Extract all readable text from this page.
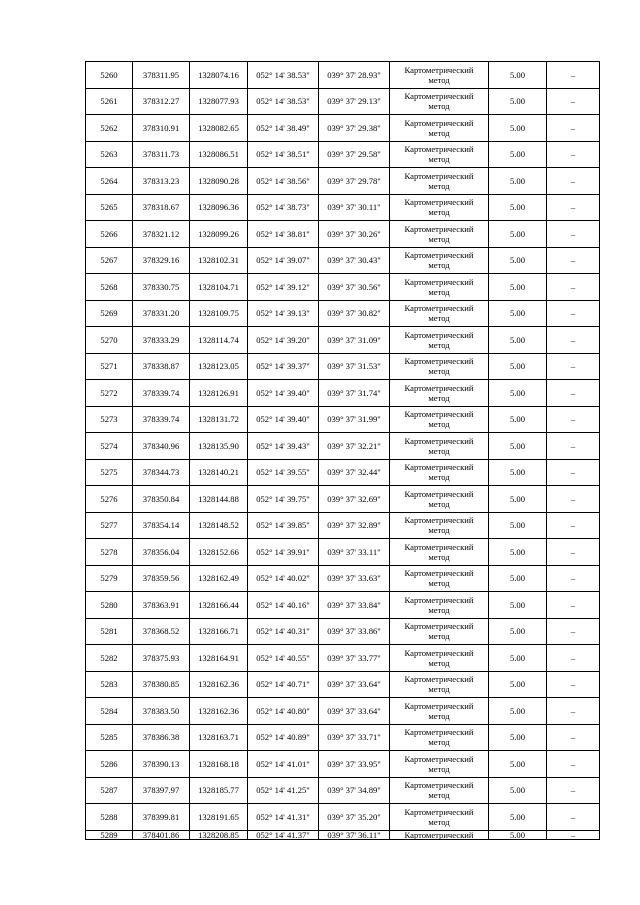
5260	378311.95	1328074.16	052° 14' 38.53"	039° 37' 28.93"	Картометрический
метод	5.00	–
5261	378312.27	1328077.93	052° 14' 38.53"	039° 37' 29.13"	Картометрический
метод	5.00	–
5262	378310.91	1328082.65	052° 14' 38.49"	039° 37' 29.38"	Картометрический
метод	5.00	–
5263	378311.73	1328086.51	052° 14' 38.51"	039° 37' 29.58"	Картометрический
метод	5.00	–
5264	378313.23	1328090.28	052° 14' 38.56"	039° 37' 29.78"	Картометрический
метод	5.00	–
5265	378318.67	1328096.36	052° 14' 38.73"	039° 37' 30.11"	Картометрический
метод	5.00	–
5266	378321.12	1328099.26	052° 14' 38.81"	039° 37' 30.26"	Картометрический
метод	5.00	–
5267	378329.16	1328102.31	052° 14' 39.07"	039° 37' 30.43"	Картометрический
метод	5.00	–
5268	378330.75	1328104.71	052° 14' 39.12"	039° 37' 30.56"	Картометрический
метод	5.00	–
5269	378331.20	1328109.75	052° 14' 39.13"	039° 37' 30.82"	Картометрический
метод	5.00	–
5270	378333.29	1328114.74	052° 14' 39.20"	039° 37' 31.09"	Картометрический
метод	5.00	–
5271	378338.87	1328123.05	052° 14' 39.37"	039° 37' 31.53"	Картометрический
метод	5.00	–
5272	378339.74	1328126.91	052° 14' 39.40"	039° 37' 31.74"	Картометрический
метод	5.00	–
5273	378339.74	1328131.72	052° 14' 39.40"	039° 37' 31.99"	Картометрический
метод	5.00	–
5274	378340.96	1328135.90	052° 14' 39.43"	039° 37' 32.21"	Картометрический
метод	5.00	–
5275	378344.73	1328140.21	052° 14' 39.55"	039° 37' 32.44"	Картометрический
метод	5.00	–
5276	378350.84	1328144.88	052° 14' 39.75"	039° 37' 32.69"	Картометрический
метод	5.00	–
5277	378354.14	1328148.52	052° 14' 39.85"	039° 37' 32.89"	Картометрический
метод	5.00	–
5278	378356.04	1328152.66	052° 14' 39.91"	039° 37' 33.11"	Картометрический
метод	5.00	–
5279	378359.56	1328162.49	052° 14' 40.02"	039° 37' 33.63"	Картометрический
метод	5.00	–
5280	378363.91	1328166.44	052° 14' 40.16"	039° 37' 33.84"	Картометрический
метод	5.00	–
5281	378368.52	1328166.71	052° 14' 40.31"	039° 37' 33.86"	Картометрический
метод	5.00	–
5282	378375.93	1328164.91	052° 14' 40.55"	039° 37' 33.77"	Картометрический
метод	5.00	–
5283	378380.85	1328162.36	052° 14' 40.71"	039° 37' 33.64"	Картометрический
метод	5.00	–
5284	378383.50	1328162.36	052° 14' 40.80"	039° 37' 33.64"	Картометрический
метод	5.00	–
5285	378386.38	1328163.71	052° 14' 40.89"	039° 37' 33.71"	Картометрический
метод	5.00	–
5286	378390.13	1328168.18	052° 14' 41.01"	039° 37' 33.95"	Картометрический
метод	5.00	–
5287	378397.97	1328185.77	052° 14' 41.25"	039° 37' 34.89"	Картометрический
метод	5.00	–
5288	378399.81	1328191.65	052° 14' 41.31"	039° 37' 35.20"	Картометрический
метод	5.00	–
5289	378401.86	1328208.85	052° 14' 41.37"	039° 37' 36.11"	Картометрический	5.00	–
